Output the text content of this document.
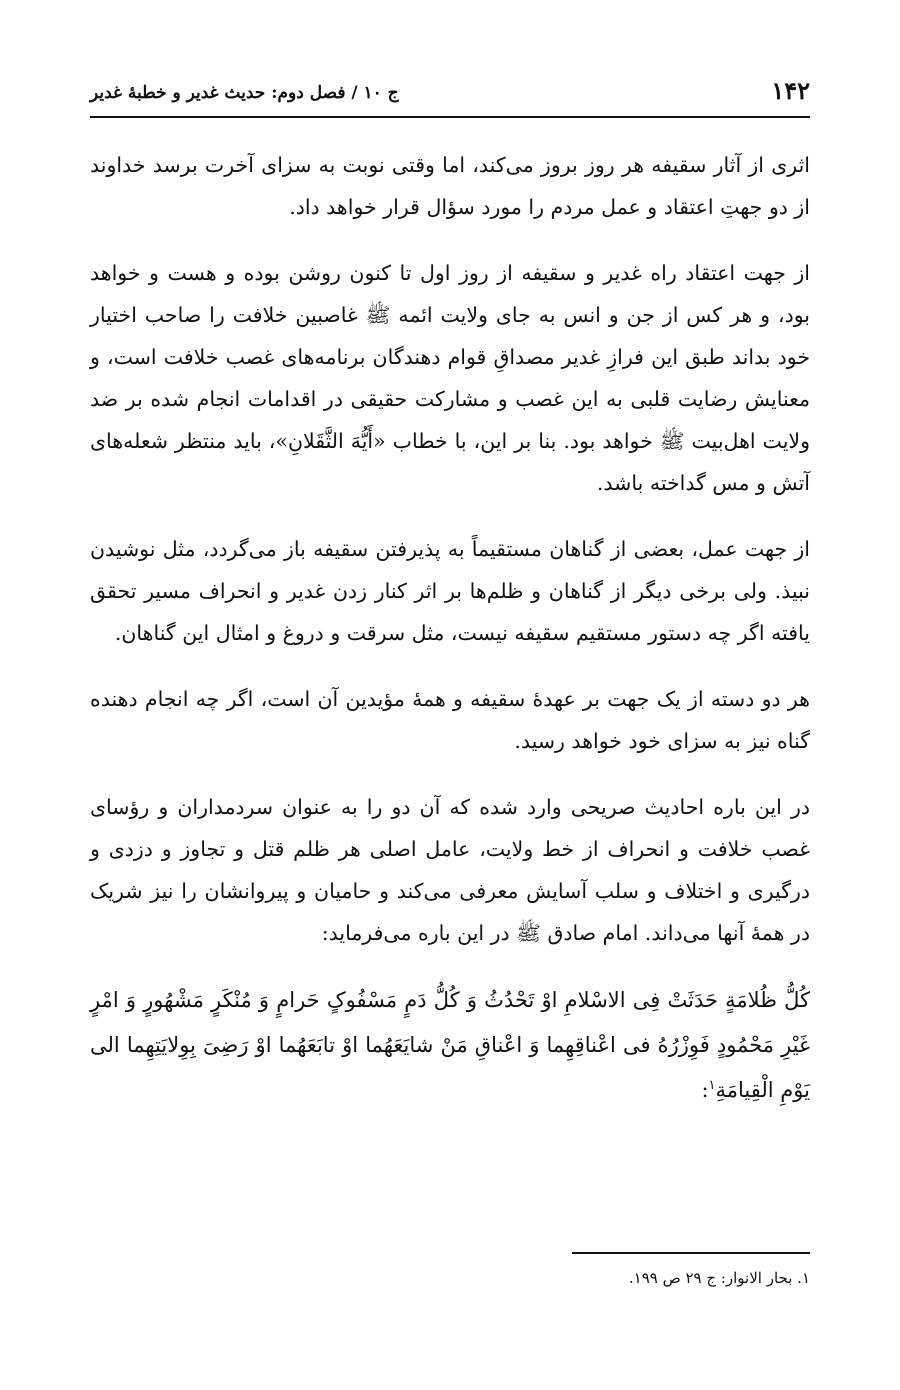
۱۴۲
ج ۱۰ / فصل دوم: حدیث غدیر و خطبهٔ غدیر

اثری از آثار سقیفه هر روز بروز می‌کند، اما وقتی نوبت به سزای آخرت برسد خداوند از دو جهتِ اعتقاد و عمل مردم را مورد سؤال قرار خواهد داد.

از جهت اعتقاد راه غدیر و سقیفه از روز اول تا کنون روشن بوده و هست و خواهد بود، و هر کس از جن و انس به جای ولایت ائمه ﷺ غاصبین خلافت را صاحب اختیار خود بداند طبق این فرازِ غدیر مصداقِ قوام دهندگان برنامه‌های غصب خلافت است، و معنایش رضایت قلبی به این غصب و مشارکت حقیقی در اقدامات انجام شده بر ضد ولایت اهل‌بیت ﷺ خواهد بود. بنا بر این، با خطاب «أَیُّهَ الثَّقَلانِ»، باید منتظر شعله‌های آتش و مس گداخته باشد.

از جهت عمل، بعضی از گناهان مستقیماً به پذیرفتن سقیفه باز می‌گردد، مثل نوشیدن نبیذ. ولی برخی دیگر از گناهان و ظلم‌ها بر اثر کنار زدن غدیر و انحراف مسیر تحقق یافته اگر چه دستور مستقیم سقیفه نیست، مثل سرقت و دروغ و امثال این گناهان.

هر دو دسته از یک جهت بر عهدهٔ سقیفه و همهٔ مؤیدین آن است، اگر چه انجام دهنده گناه نیز به سزای خود خواهد رسید.

در این باره احادیث صریحی وارد شده که آن دو را به عنوان سردمداران و رؤسای غصب خلافت و انحراف از خط ولایت، عامل اصلی هر ظلم قتل و تجاوز و دزدی و درگیری و اختلاف و سلب آسایش معرفی می‌کند و حامیان و پیروانشان را نیز شریک در همهٔ آنها می‌داند. امام صادق ﷺ در این باره می‌فرماید:

کُلُّ ظُلامَةٍ حَدَثَتْ فِی الاسْلامِ اوْ تَحْدُثُ وَ کُلُّ دَمٍ مَسْفُوکٍ حَرامٍ وَ مُنْکَرٍ مَشْهُورٍ وَ امْرٍ غَیْرِ مَحْمُودٍ فَوِزْرُهُ فی اعْناقِهِما وَ اعْناقِ مَنْ شایَعَهُما اوْ تابَعَهُما اوْ رَضِیَ بِوِلایَتِهِما الی یَوْمِ الْقِیامَةِ$^۱$:

۱. بحار الانوار: ج ۲۹ ص ۱۹۹.
